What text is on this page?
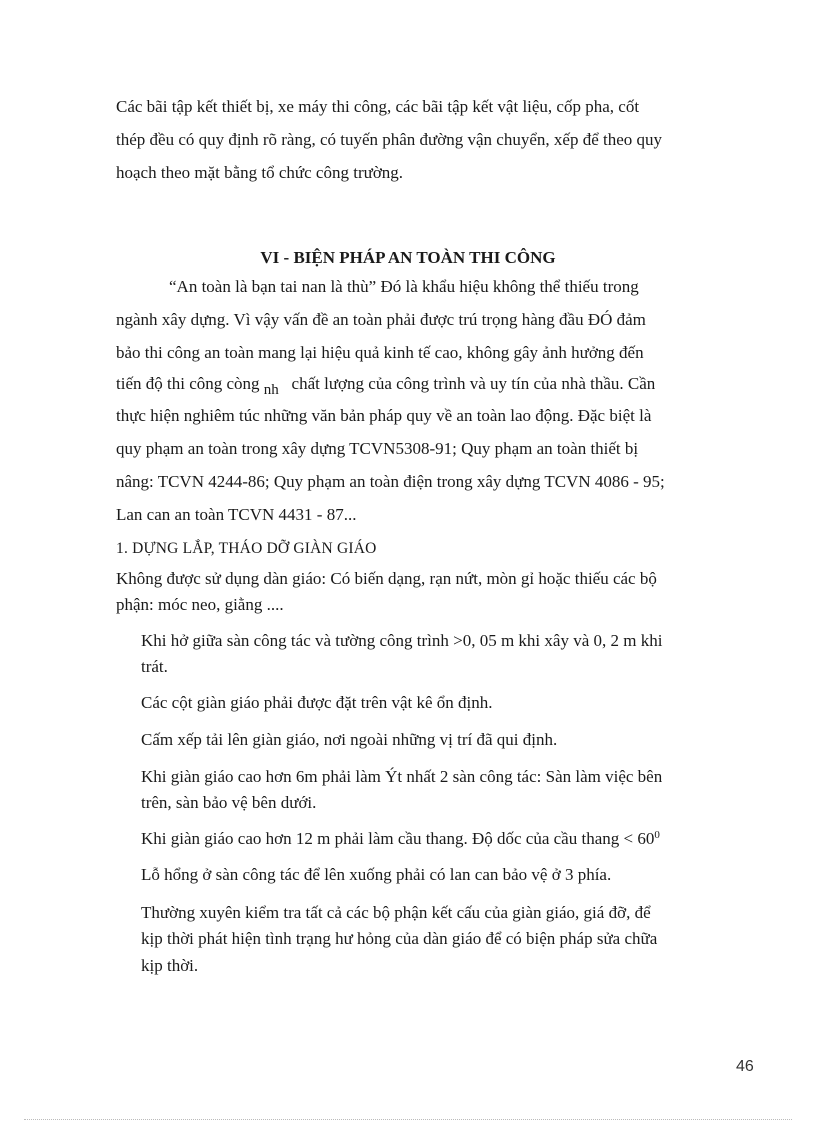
Các bãi tập kết thiết bị, xe máy thi công, các bãi tập kết vật liệu, cốp pha, cốt
thép đều có quy định rõ ràng, có tuyến phân đường vận chuyển, xếp để theo quy
hoạch theo mặt bằng tổ chức công trường.
VI - BIỆN PHÁP AN TOÀN THI CÔNG
“An toàn là bạn tai nan là thù” Đó là khẩu hiệu không thể thiếu trong
ngành xây dựng. Vì vậy vấn đề an toàn phải được trú trọng hàng đầu ĐÓ đảm
bảo thi công an toàn mang lại hiệu quả kinh tế cao, không gây ảnh hưởng đến
tiến độ thi công còng nh chất lượng của công trình và uy tín của nhà thầu. Cần
thực hiện nghiêm túc những văn bản pháp quy về an toàn lao động. Đặc biệt là
quy phạm an toàn trong xây dựng TCVN5308-91; Quy phạm an toàn thiết bị
nâng: TCVN 4244-86; Quy phạm an toàn điện trong xây dựng TCVN 4086 - 95;
Lan can an toàn TCVN 4431 - 87...
1. DỰNG LẮP, THÁO DỠ GIÀN GIÁO
Không được sử dụng dàn giáo: Có biến dạng, rạn nứt, mòn gỉ hoặc thiếu các bộ
phận: móc neo, giằng ....
Khi hở giữa sàn công tác và tường công trình >0, 05 m khi xây và 0, 2 m khi
trát.
Các cột giàn giáo phải được đặt trên vật kê ổn định.
Cấm xếp tải lên giàn giáo, nơi ngoài những vị trí đã qui định.
Khi giàn giáo cao hơn 6m phải làm Ýt nhất 2 sàn công tác: Sàn làm việc bên
trên, sàn bảo vệ bên dưới.
Khi giàn giáo cao hơn 12 m phải làm cầu thang. Độ dốc của cầu thang < $60^0$
Lỗ hổng ở sàn công tác để lên xuống phải có lan can bảo vệ ở 3 phía.
Thường xuyên kiểm tra tất cả các bộ phận kết cấu của giàn giáo, giá đỡ, để
kịp thời phát hiện tình trạng hư hỏng của dàn giáo để có biện pháp sửa chữa
kịp thời.
46
